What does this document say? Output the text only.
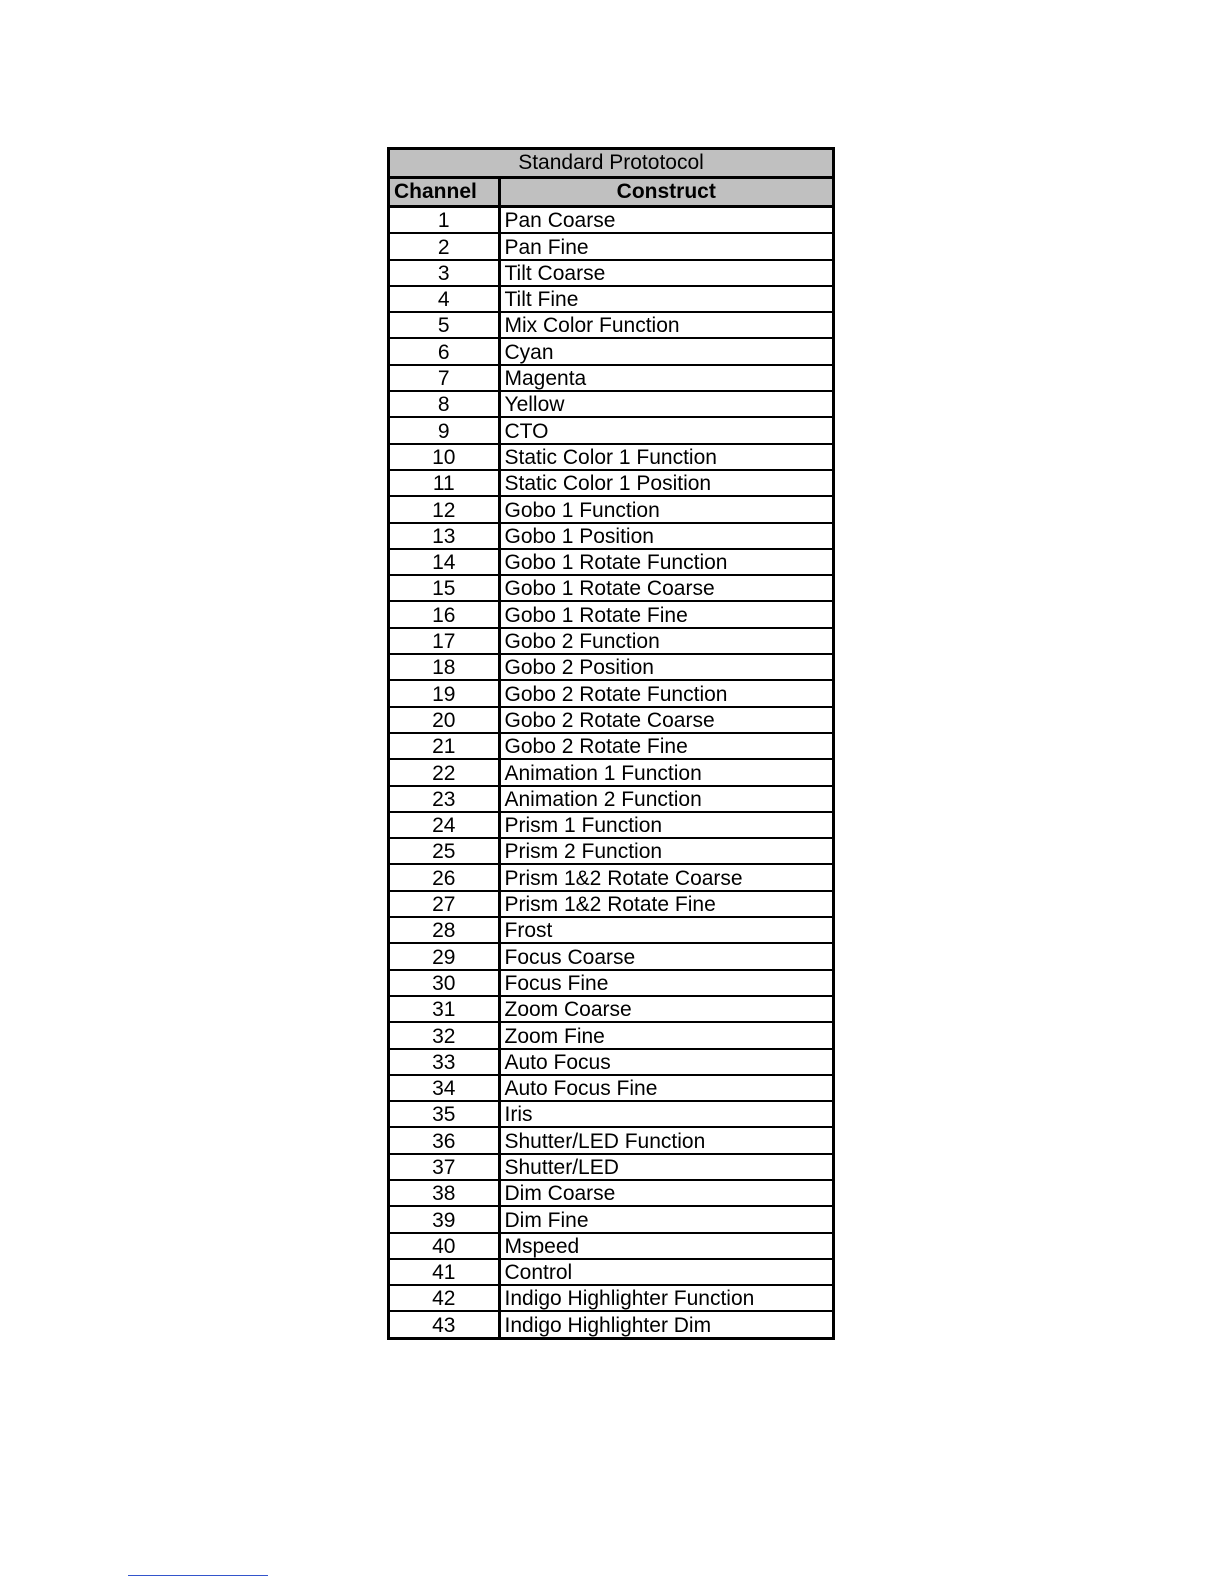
Standard Prototocol	
Channel	Construct
1	Pan Coarse
2	Pan Fine
3	Tilt Coarse
4	Tilt Fine
5	Mix Color Function
6	Cyan
7	Magenta
8	Yellow
9	CTO
10	Static Color 1 Function
11	Static Color 1 Position
12	Gobo 1 Function
13	Gobo 1 Position
14	Gobo 1 Rotate Function
15	Gobo 1 Rotate Coarse
16	Gobo 1 Rotate Fine
17	Gobo 2 Function
18	Gobo 2 Position
19	Gobo 2 Rotate Function
20	Gobo 2 Rotate Coarse
21	Gobo 2 Rotate Fine
22	Animation 1 Function
23	Animation 2 Function
24	Prism 1 Function
25	Prism 2 Function
26	Prism 1&2 Rotate Coarse
27	Prism 1&2 Rotate Fine
28	Frost
29	Focus Coarse
30	Focus Fine
31	Zoom Coarse
32	Zoom Fine
33	Auto Focus
34	Auto Focus Fine
35	Iris
36	Shutter/LED Function
37	Shutter/LED
38	Dim Coarse
39	Dim Fine
40	Mspeed
41	Control
42	Indigo Highlighter Function
43	Indigo Highlighter Dim
